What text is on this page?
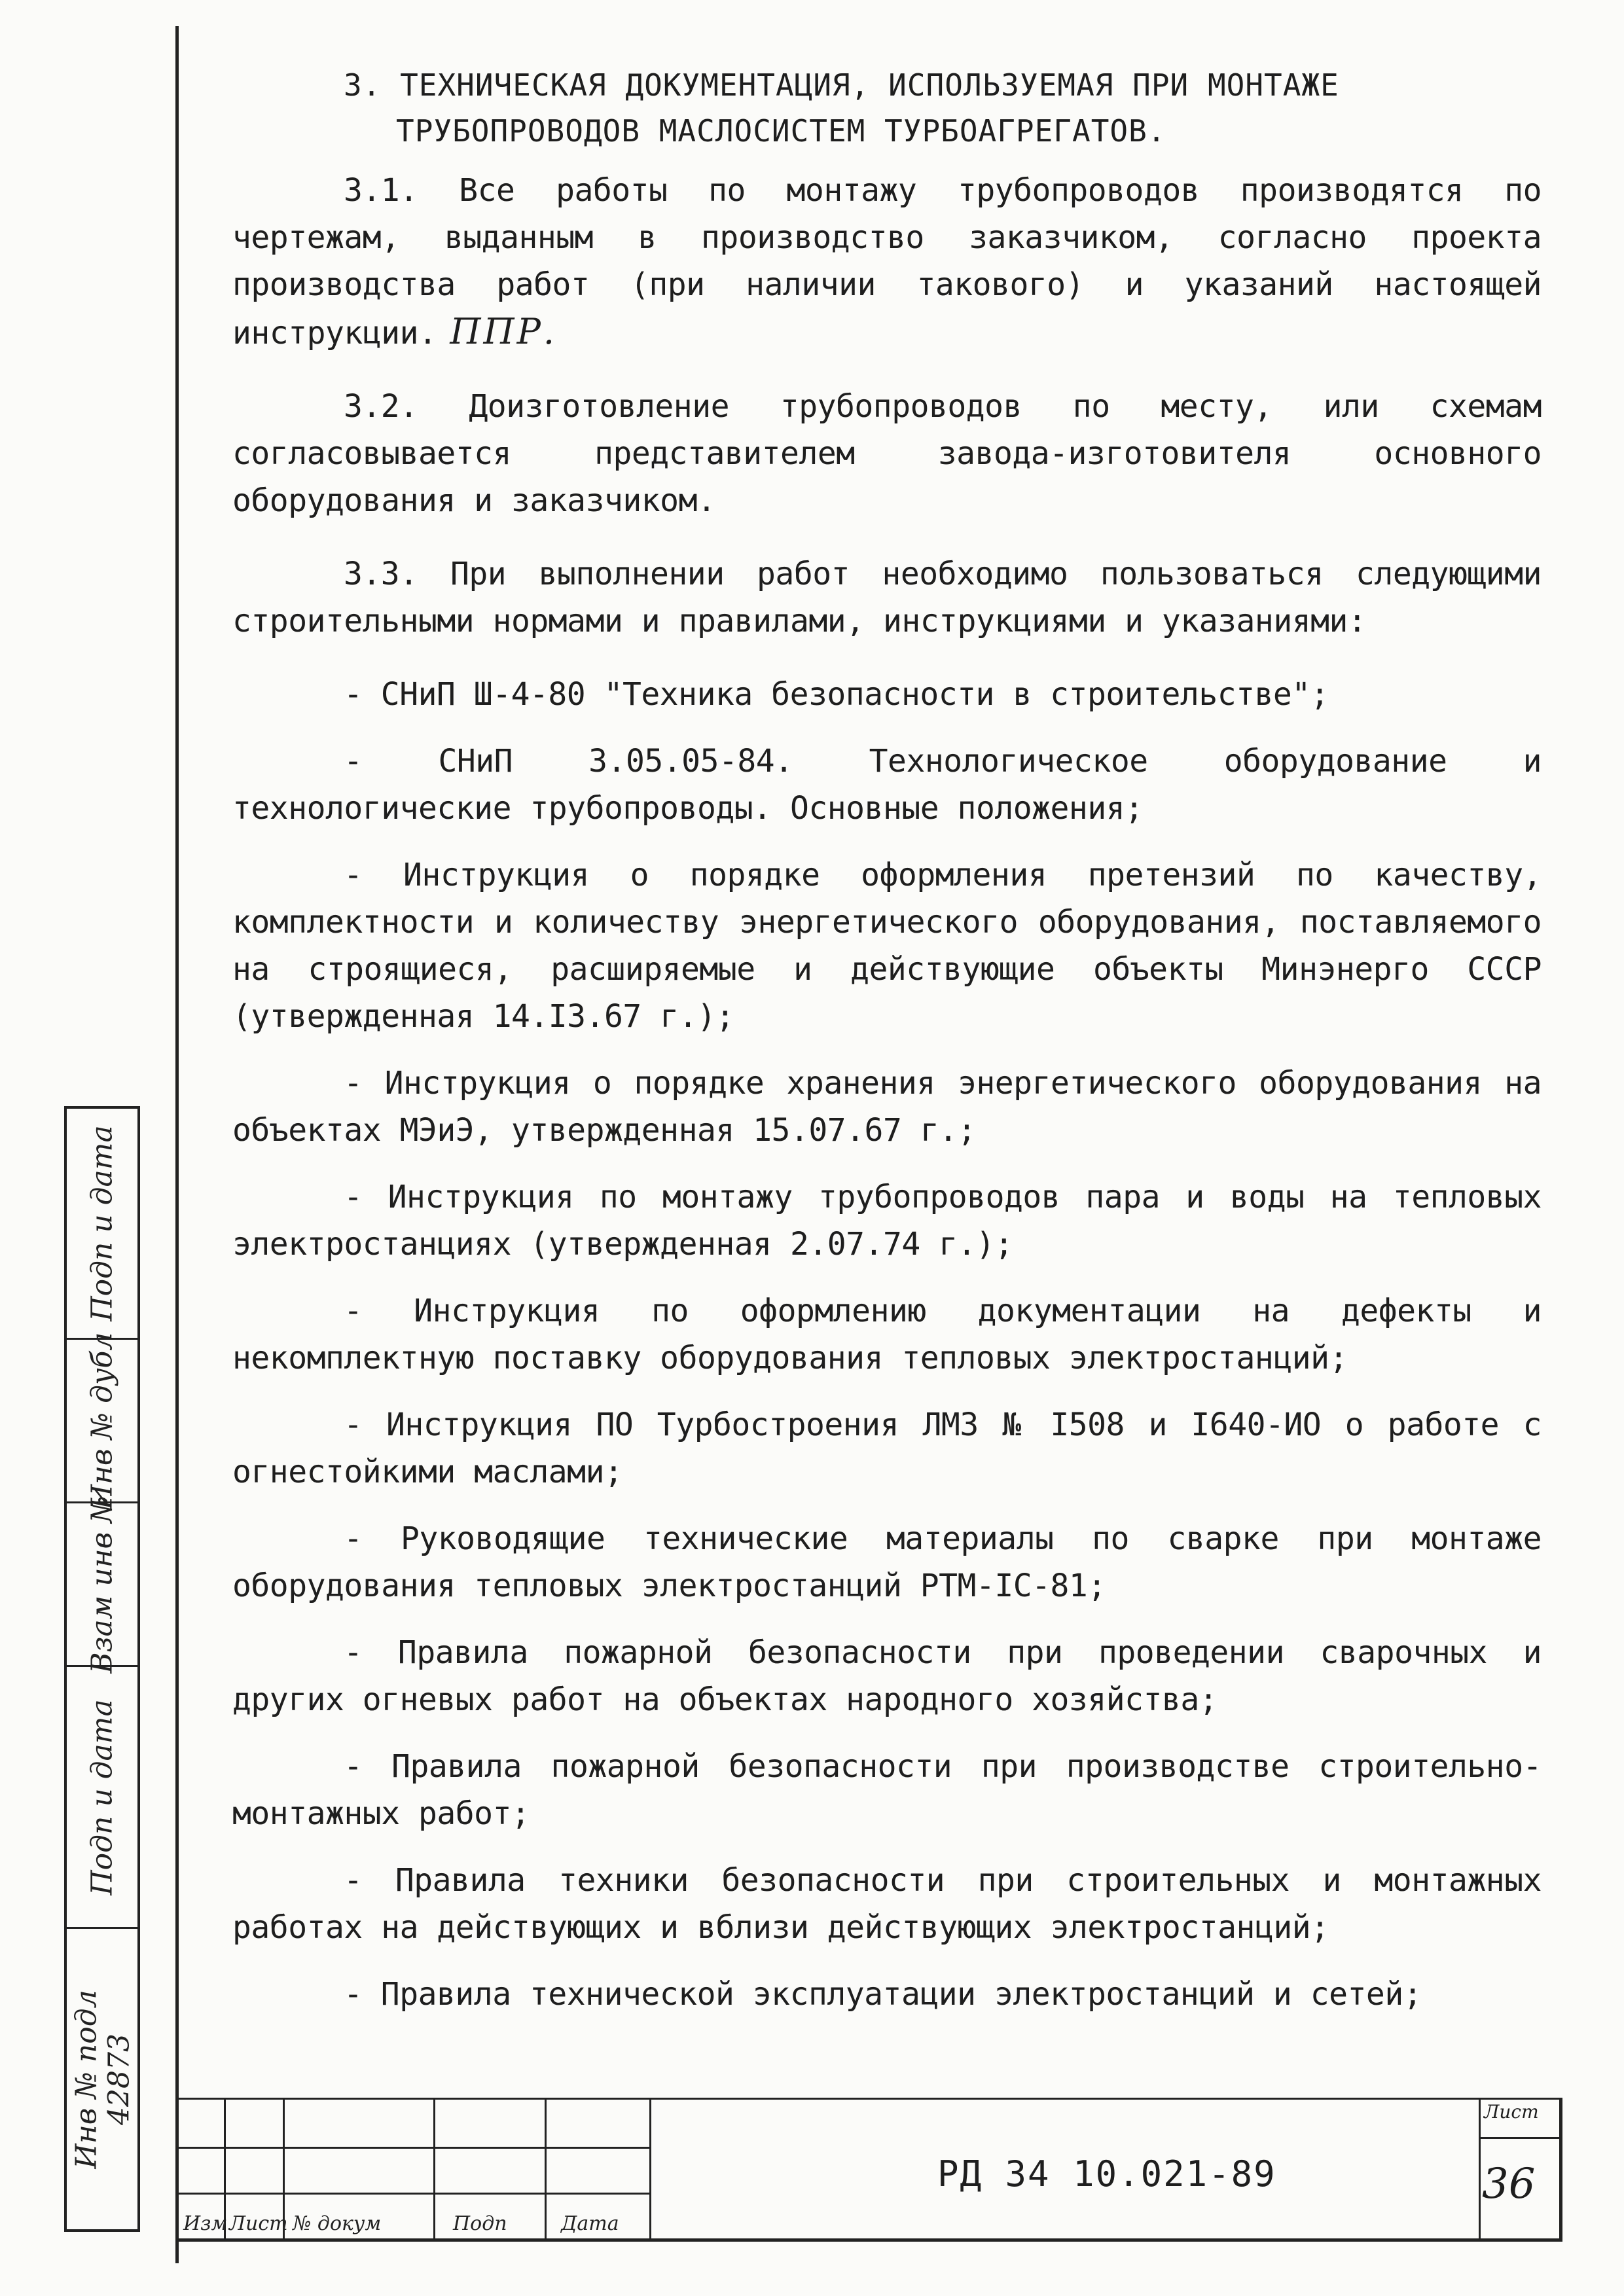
3. ТЕХНИЧЕСКАЯ ДОКУМЕНТАЦИЯ, ИСПОЛЬЗУЕМАЯ ПРИ МОНТАЖЕ
ТРУБОПРОВОДОВ МАСЛОСИСТЕМ ТУРБОАГРЕГАТОВ.

3.1. Все работы по монтажу трубопроводов производятся по чертежам, выданным в производство заказчиком, согласно проекта производства работ (при наличии такового) и указаний настоящей инструкции. ППР.

3.2. Доизготовление трубопроводов по месту, или схемам согласовывается представителем завода-изготовителя основного оборудования и заказчиком.

3.3. При выполнении работ необходимо пользоваться следующими строительными нормами и правилами, инструкциями и указаниями:

- СНиП Ш-4-80 "Техника безопасности в строительстве";

- СНиП 3.05.05-84. Технологическое оборудование и технологические трубопроводы. Основные положения;

- Инструкция о порядке оформления претензий по качеству, комплектности и количеству энергетического оборудования, поставляемого на строящиеся, расширяемые и действующие объекты Минэнерго СССР (утвержденная 14.I3.67 г.);

- Инструкция о порядке хранения энергетического оборудования на объектах МЭиЭ, утвержденная 15.07.67 г.;

- Инструкция по монтажу трубопроводов пара и воды на тепловых электростанциях (утвержденная 2.07.74 г.);

- Инструкция по оформлению документации на дефекты и некомплектную поставку оборудования тепловых электростанций;

- Инструкция ПО Турбостроения ЛМЗ № I508 и I640-ИО о работе с огнестойкими маслами;

- Руководящие технические материалы по сварке при монтаже оборудования тепловых электростанций РТМ-IС-81;

- Правила пожарной безопасности при проведении сварочных и других огневых работ на объектах народного хозяйства;

- Правила пожарной безопасности при производстве строительно-монтажных работ;

- Правила техники безопасности при строительных и монтажных работах на действующих и вблизи действующих электростанций;

- Правила технической эксплуатации электростанций и сетей;

Подп и дата
Инв № дубл
Взам инв №
Подп и дата
Инв № подл
42873
Изм Лист № докум	Подп	Дата
РД 34 10.021-89
Лист
36
